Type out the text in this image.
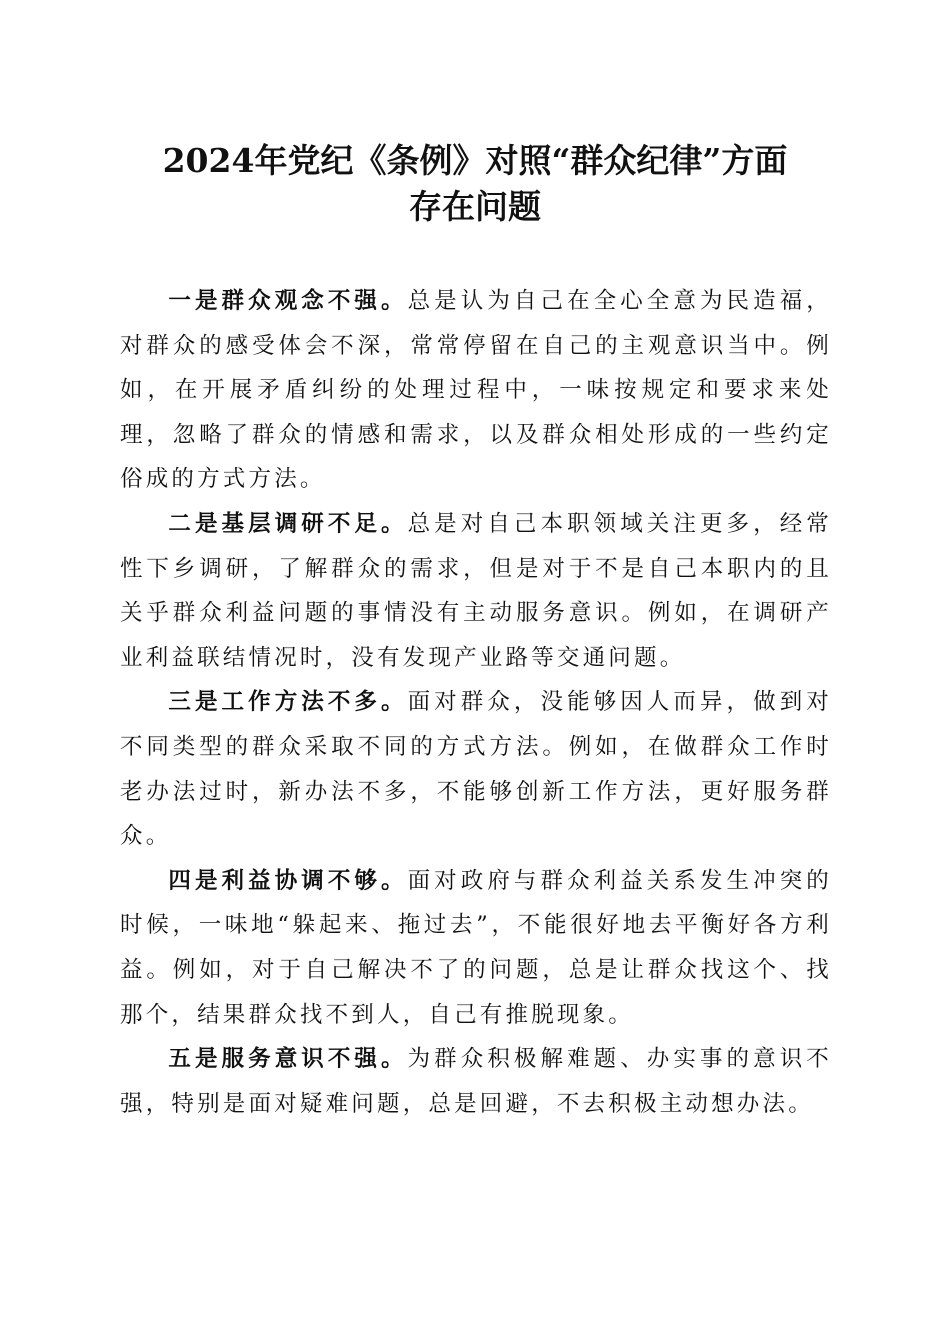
2024年党纪《条例》对照“群众纪律”方面
存在问题

一是群众观念不强。总是认为自己在全心全意为民造福，对群众的感受体会不深，常常停留在自己的主观意识当中。例如，在开展矛盾纠纷的处理过程中，一味按规定和要求来处理，忽略了群众的情感和需求，以及群众相处形成的一些约定俗成的方式方法。

二是基层调研不足。总是对自己本职领域关注更多，经常性下乡调研，了解群众的需求，但是对于不是自己本职内的且关乎群众利益问题的事情没有主动服务意识。例如，在调研产业利益联结情况时，没有发现产业路等交通问题。

三是工作方法不多。面对群众，没能够因人而异，做到对不同类型的群众采取不同的方式方法。例如，在做群众工作时老办法过时，新办法不多，不能够创新工作方法，更好服务群众。

四是利益协调不够。面对政府与群众利益关系发生冲突的时候，一味地“躲起来、拖过去”，不能很好地去平衡好各方利益。例如，对于自己解决不了的问题，总是让群众找这个、找那个，结果群众找不到人，自己有推脱现象。

五是服务意识不强。为群众积极解难题、办实事的意识不强，特别是面对疑难问题，总是回避，不去积极主动想办法。
